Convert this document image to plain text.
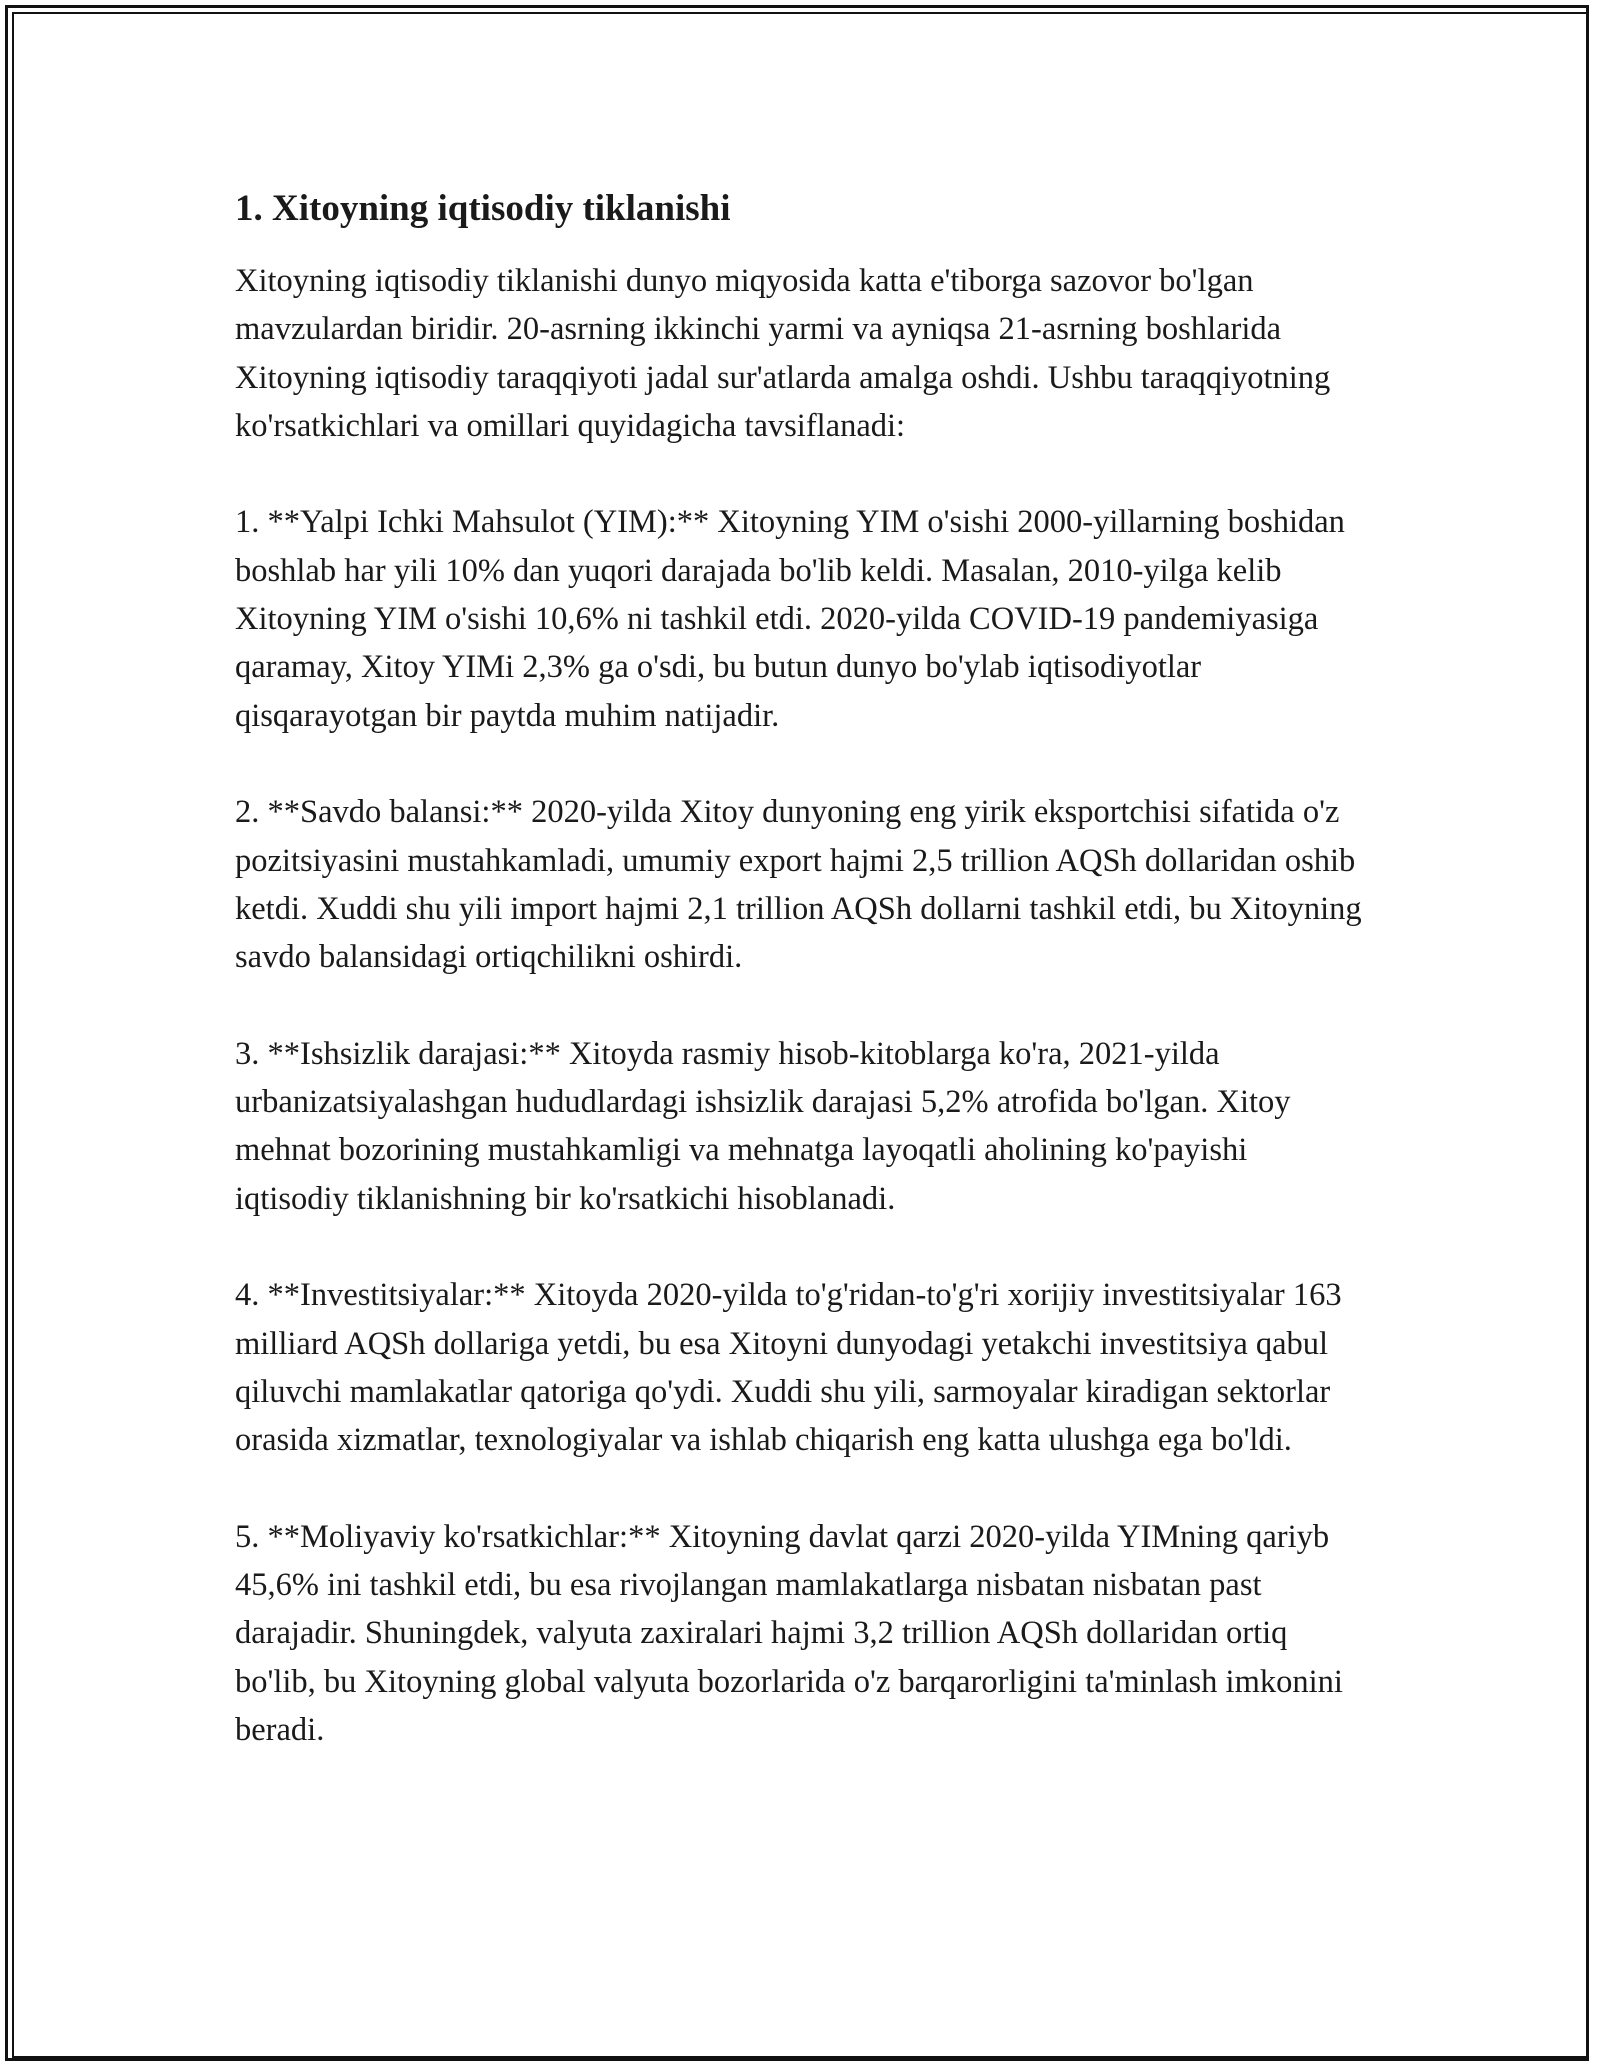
1. Xitoyning iqtisodiy tiklanishi

Xitoyning iqtisodiy tiklanishi dunyo miqyosida katta e'tiborga sazovor bo'lgan mavzulardan biridir. 20-asrning ikkinchi yarmi va ayniqsa 21-asrning boshlarida Xitoyning iqtisodiy taraqqiyoti jadal sur'atlarda amalga oshdi. Ushbu taraqqiyotning ko'rsatkichlari va omillari quyidagicha tavsiflanadi:

1. **Yalpi Ichki Mahsulot (YIM):** Xitoyning YIM o'sishi 2000-yillarning boshidan boshlab har yili 10% dan yuqori darajada bo'lib keldi. Masalan, 2010-yilga kelib Xitoyning YIM o'sishi 10,6% ni tashkil etdi. 2020-yilda COVID-19 pandemiyasiga qaramay, Xitoy YIMi 2,3% ga o'sdi, bu butun dunyo bo'ylab iqtisodiyotlar qisqarayotgan bir paytda muhim natijadir.

2. **Savdo balansi:** 2020-yilda Xitoy dunyoning eng yirik eksportchisi sifatida o'z pozitsiyasini mustahkamladi, umumiy export hajmi 2,5 trillion AQSh dollaridan oshib ketdi. Xuddi shu yili import hajmi 2,1 trillion AQSh dollarni tashkil etdi, bu Xitoyning savdo balansidagi ortiqchilikni oshirdi.

3. **Ishsizlik darajasi:** Xitoyda rasmiy hisob-kitoblarga ko'ra, 2021-yilda urbanizatsiyalashgan hududlardagi ishsizlik darajasi 5,2% atrofida bo'lgan. Xitoy mehnat bozorining mustahkamligi va mehnatga layoqatli aholining ko'payishi iqtisodiy tiklanishning bir ko'rsatkichi hisoblanadi.

4. **Investitsiyalar:** Xitoyda 2020-yilda to'g'ridan-to'g'ri xorijiy investitsiyalar 163 milliard AQSh dollariga yetdi, bu esa Xitoyni dunyodagi yetakchi investitsiya qabul qiluvchi mamlakatlar qatoriga qo'ydi. Xuddi shu yili, sarmoyalar kiradigan sektorlar orasida xizmatlar, texnologiyalar va ishlab chiqarish eng katta ulushga ega bo'ldi.

5. **Moliyaviy ko'rsatkichlar:** Xitoyning davlat qarzi 2020-yilda YIMning qariyb 45,6% ini tashkil etdi, bu esa rivojlangan mamlakatlarga nisbatan nisbatan past darajadir. Shuningdek, valyuta zaxiralari hajmi 3,2 trillion AQSh dollaridan ortiq bo'lib, bu Xitoyning global valyuta bozorlarida o'z barqarorligini ta'minlash imkonini beradi.
